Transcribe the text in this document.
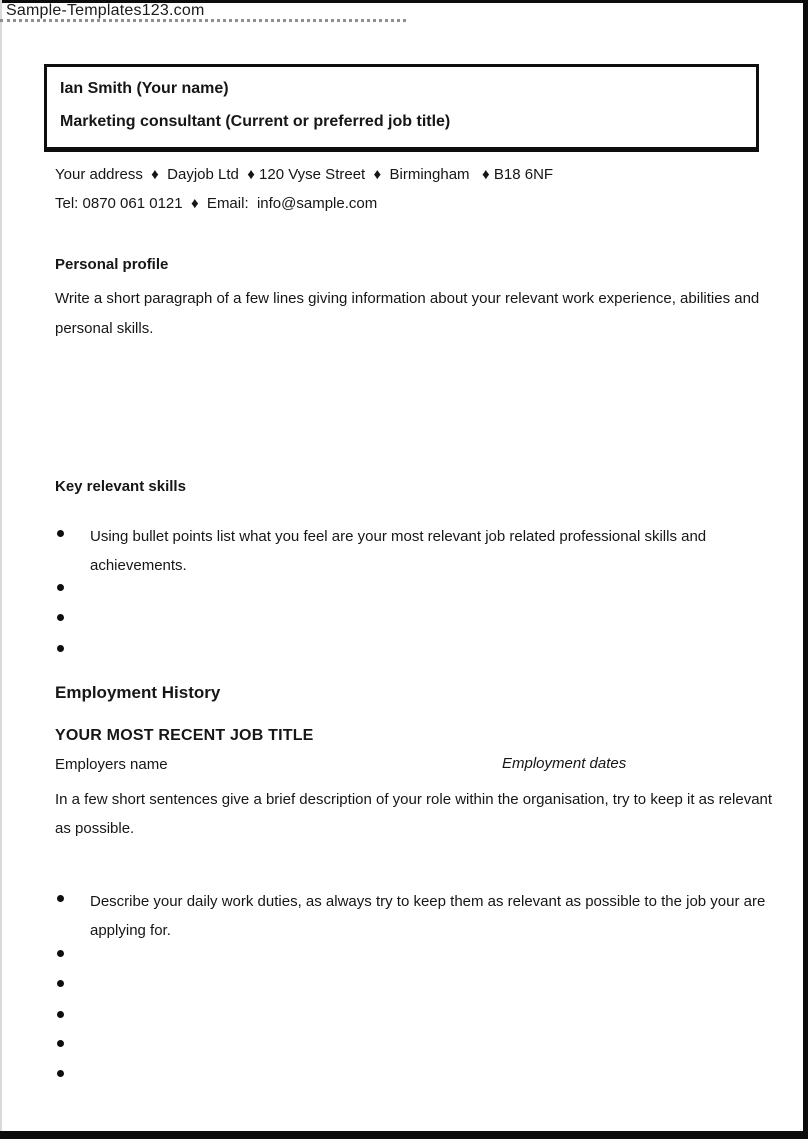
Sample-Templates123.com
Ian Smith (Your name)
Marketing consultant (Current or preferred job title)
Your address  ♦  Dayjob Ltd  ♦ 120 Vyse Street  ♦  Birmingham   ♦ B18 6NF
Tel: 0870 061 0121  ♦  Email:  info@sample.com
Personal profile
Write a short paragraph of a few lines giving information about your relevant work experience, abilities and personal skills.
Key relevant skills
Using bullet points list what you feel are your most relevant job related professional skills and achievements.
Employment History
YOUR MOST RECENT JOB TITLE
Employers name	Employment dates
In a few short sentences give a brief description of your role within the organisation, try to keep it as relevant as possible.
Describe your daily work duties, as always try to keep them as relevant as possible to the job your are applying for.
